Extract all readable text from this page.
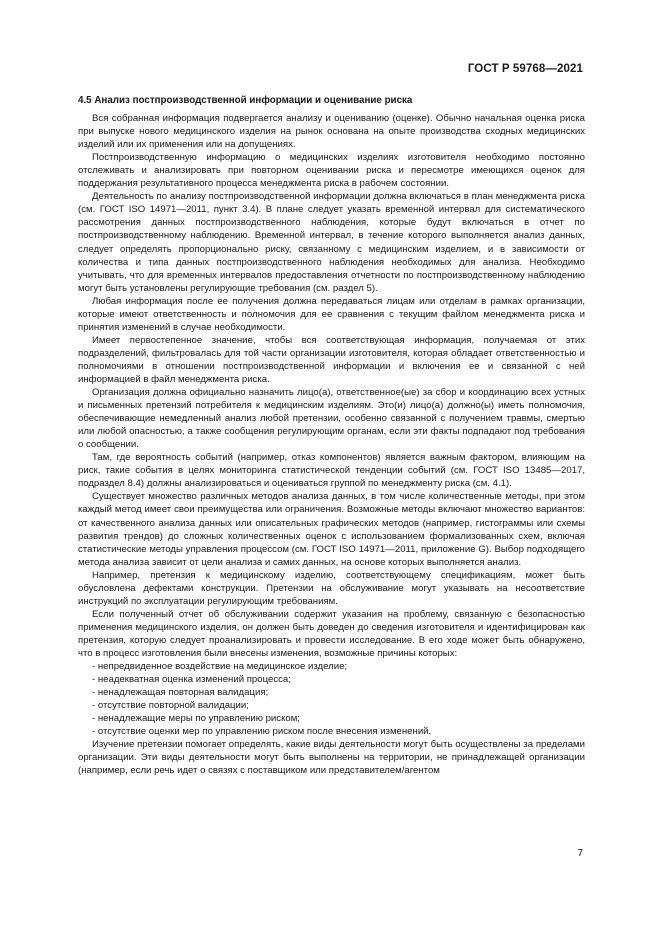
ГОСТ Р 59768—2021

4.5 Анализ постпроизводственной информации и оценивание риска

Вся собранная информация подвергается анализу и оцениванию (оценке). Обычно начальная оценка риска при выпуске нового медицинского изделия на рынок основана на опыте производства сходных медицинских изделий или их применения или на допущениях.

Постпроизводственную информацию о медицинских изделиях изготовителя необходимо постоянно отслеживать и анализировать при повторном оценивании риска и пересмотре имеющихся оценок для поддержания результативного процесса менеджмента риска в рабочем состоянии.

Деятельность по анализу постпроизводственной информации должна включаться в план менеджмента риска (см. ГОСТ ISO 14971—2011, пункт 3.4). В плане следует указать временной интервал для систематического рассмотрения данных постпроизводственного наблюдения, которые будут включаться в отчет по постпроизводственному наблюдению. Временной интервал, в течение которого выполняется анализ данных, следует определять пропорционально риску, связанному с медицинским изделием, и в зависимости от количества и типа данных постпроизводственного наблюдения необходимых для анализа. Необходимо учитывать, что для временных интервалов предоставления отчетности по постпроизводственному наблюдению могут быть установлены регулирующие требования (см. раздел 5).

Любая информация после ее получения должна передаваться лицам или отделам в рамках организации, которые имеют ответственность и полномочия для ее сравнения с текущим файлом менеджмента риска и принятия изменений в случае необходимости.

Имеет первостепенное значение, чтобы вся соответствующая информация, получаемая от этих подразделений, фильтровалась для той части организации изготовителя, которая обладает ответственностью и полномочиями в отношении постпроизводственной информации и включения ее и связанной с ней информацией в файл менеджмента риска.

Организация должна официально назначить лицо(а), ответственное(ые) за сбор и координацию всех устных и письменных претензий потребителя к медицинским изделиям. Это(и) лицо(а) должно(ы) иметь полномочия, обеспечивающие немедленный анализ любой претензии, особенно связанной с получением травмы, смертью или любой опасностью, а также сообщения регулирующим органам, если эти факты подпадают под требования о сообщении.

Там, где вероятность событий (например, отказ компонентов) является важным фактором, влияющим на риск, такие события в целях мониторинга статистической тенденции событий (см. ГОСТ ISO 13485—2017, подраздел 8.4) должны анализироваться и оцениваться группой по менеджменту риска (см. 4.1).

Существует множество различных методов анализа данных, в том числе количественные методы, при этом каждый метод имеет свои преимущества или ограничения. Возможные методы включают множество вариантов: от качественного анализа данных или описательных графических методов (например, гистограммы или схемы развития трендов) до сложных количественных оценок с использованием формализованных схем, включая статистические методы управления процессом (см. ГОСТ ISO 14971—2011, приложение G). Выбор подходящего метода анализа зависит от цели анализа и самих данных, на основе которых выполняется анализ.

Например, претензия к медицинскому изделию, соответствующему спецификациям, может быть обусловлена дефектами конструкции. Претензии на обслуживание могут указывать на несоответствие инструкций по эксплуатации регулирующим требованиям.

Если полученный отчет об обслуживании содержит указания на проблему, связанную с безопасностью применения медицинского изделия, он должен быть доведен до сведения изготовителя и идентифицирован как претензия, которую следует проанализировать и провести исследование. В его ходе может быть обнаружено, что в процесс изготовления были внесены изменения, возможные причины которых:

- непредвиденное воздействие на медицинское изделие;

- неадекватная оценка изменений процесса;

- ненадлежащая повторная валидация;

- отсутствие повторной валидации;

- ненадлежащие меры по управлению риском;

- отсутствие оценки мер по управлению риском после внесения изменений.

Изучение претензии помогает определять, какие виды деятельности могут быть осуществлены за пределами организации. Эти виды деятельности могут быть выполнены на территории, не принадлежащей организации (например, если речь идет о связях с поставщиком или представителем/агентом

7
